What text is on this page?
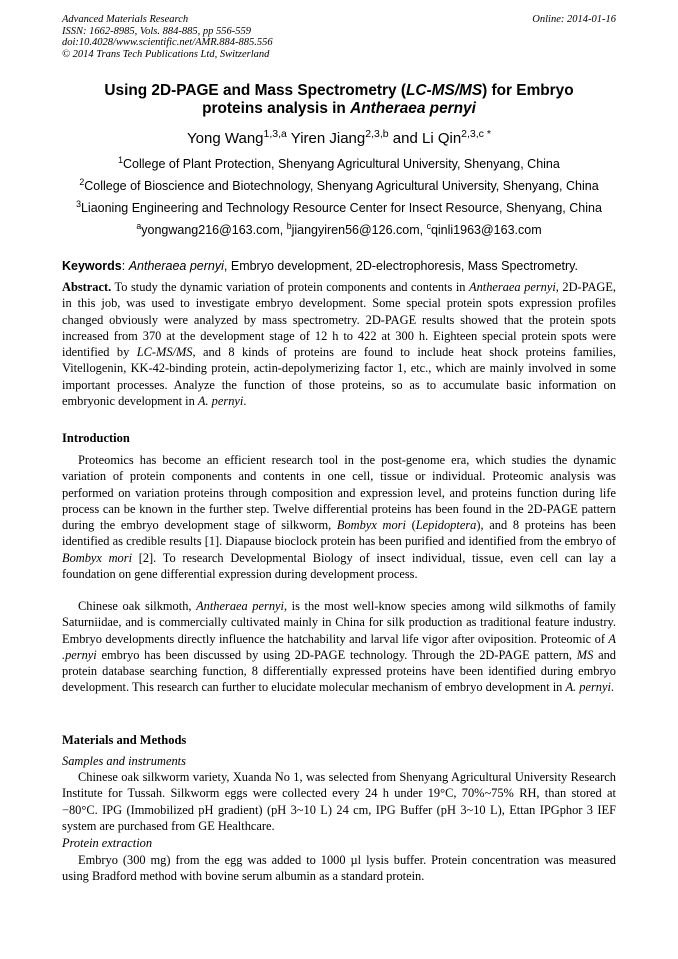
Advanced Materials Research
ISSN: 1662-8985, Vols. 884-885, pp 556-559
doi:10.4028/www.scientific.net/AMR.884-885.556
© 2014 Trans Tech Publications Ltd, Switzerland
Online: 2014-01-16
Using 2D-PAGE and Mass Spectrometry (LC-MS/MS) for Embryo
proteins analysis in Antheraea pernyi
Yong Wang$^{1,3,a}$ Yiren Jiang$^{2,3,b}$ and Li Qin$^{2,3,c *}$
$^1$College of Plant Protection, Shenyang Agricultural University, Shenyang, China
$^2$College of Bioscience and Biotechnology, Shenyang Agricultural University, Shenyang, China
$^3$Liaoning Engineering and Technology Resource Center for Insect Resource, Shenyang, China
$^a$yongwang216@163.com, $^b$jiangyiren56@126.com, $^c$qinli1963@163.com
Keywords: Antheraea pernyi, Embryo development, 2D-electrophoresis, Mass Spectrometry.
Abstract. To study the dynamic variation of protein components and contents in Antheraea pernyi, 2D-PAGE, in this job, was used to investigate embryo development. Some special protein spots expression profiles changed obviously were analyzed by mass spectrometry. 2D-PAGE results showed that the protein spots increased from 370 at the development stage of 12 h to 422 at 300 h. Eighteen special protein spots were identified by LC-MS/MS, and 8 kinds of proteins are found to include heat shock proteins families, Vitellogenin, KK-42-binding protein, actin-depolymerizing factor 1, etc., which are mainly involved in some important processes. Analyze the function of those proteins, so as to accumulate basic information on embryonic development in A. pernyi.
Introduction
Proteomics has become an efficient research tool in the post-genome era, which studies the dynamic variation of protein components and contents in one cell, tissue or individual. Proteomic analysis was performed on variation proteins through composition and expression level, and proteins function during life process can be known in the further step. Twelve differential proteins has been found in the 2D-PAGE pattern during the embryo development stage of silkworm, Bombyx mori (Lepidoptera), and 8 proteins has been identified as credible results [1]. Diapause bioclock protein has been purified and identified from the embryo of Bombyx mori [2]. To research Developmental Biology of insect individual, tissue, even cell can lay a foundation on gene differential expression during development process.
Chinese oak silkmoth, Antheraea pernyi, is the most well-know species among wild silkmoths of family Saturniidae, and is commercially cultivated mainly in China for silk production as traditional feature industry. Embryo developments directly influence the hatchability and larval life vigor after oviposition. Proteomic of A .pernyi embryo has been discussed by using 2D-PAGE technology. Through the 2D-PAGE pattern, MS and protein database searching function, 8 differentially expressed proteins have been identified during embryo development. This research can further to elucidate molecular mechanism of embryo development in A. pernyi.
Materials and Methods
Samples and instruments
Chinese oak silkworm variety, Xuanda No 1, was selected from Shenyang Agricultural University Research Institute for Tussah. Silkworm eggs were collected every 24 h under 19°C, 70%~75% RH, than stored at −80°C. IPG (Immobilized pH gradient) (pH 3~10 L) 24 cm, IPG Buffer (pH 3~10 L), Ettan IPGphor 3 IEF system are purchased from GE Healthcare.
Protein extraction
Embryo (300 mg) from the egg was added to 1000 µl lysis buffer. Protein concentration was measured using Bradford method with bovine serum albumin as a standard protein.
